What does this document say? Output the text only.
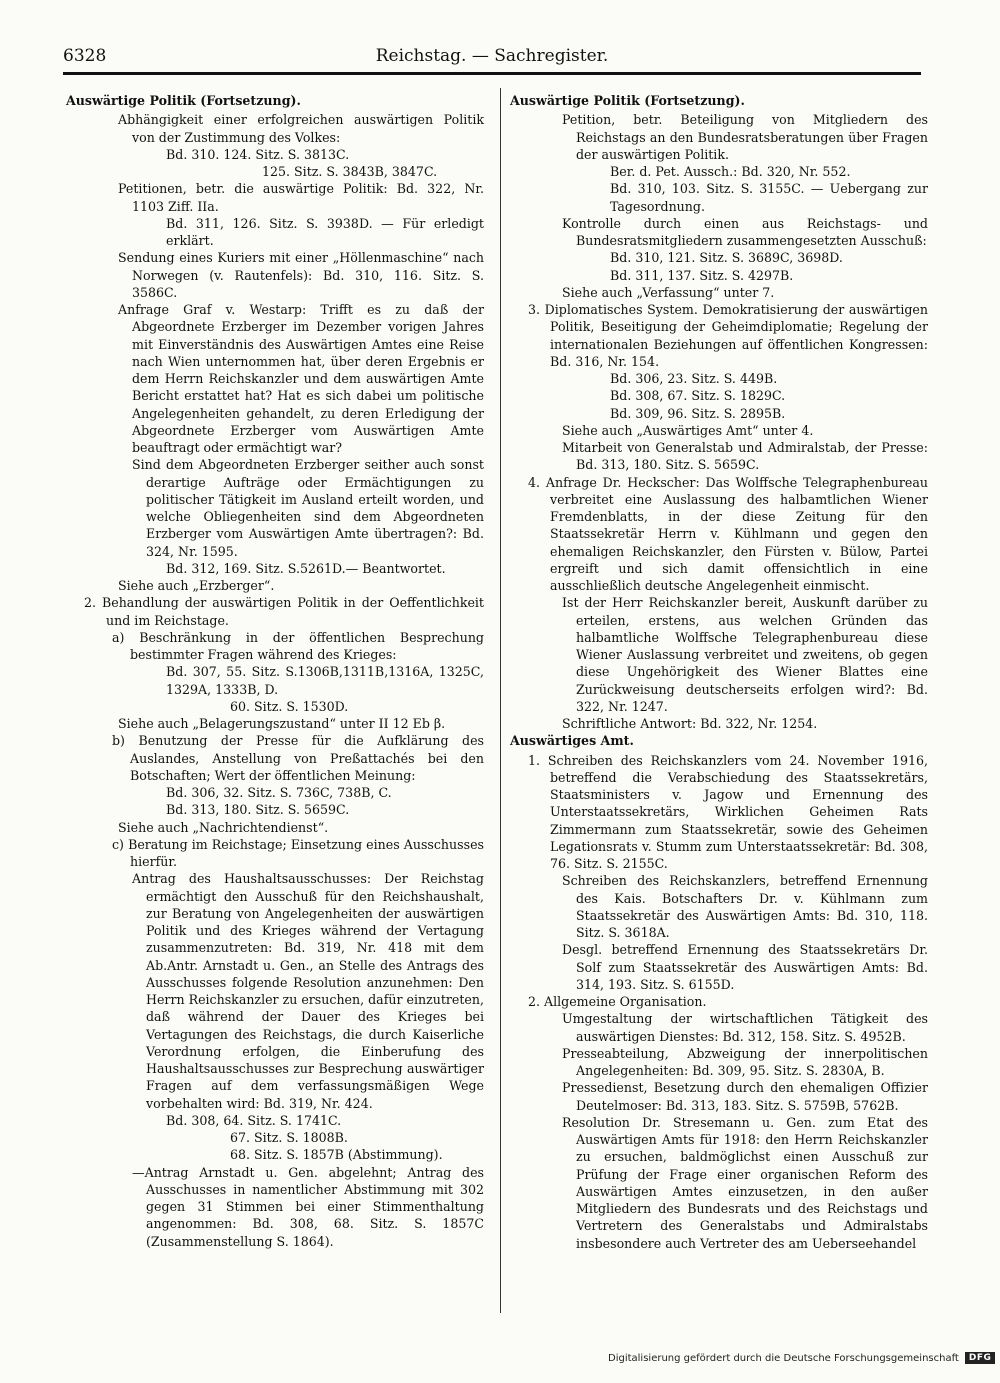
6328	Reichstag. — Sachregister.

Auswärtige Politik (Fortsetzung).

Abhängigkeit einer erfolgreichen auswärtigen Politik von der Zustimmung des Volkes:

Bd. 310. 124. Sitz. S. 3813C.

125. Sitz. S. 3843B, 3847C.

Petitionen, betr. die auswärtige Politik: Bd. 322, Nr. 1103 Ziff. IIa.

Bd. 311, 126. Sitz. S. 3938D. — Für erledigt erklärt.

Sendung eines Kuriers mit einer „Höllenmaschine“ nach Norwegen (v. Rautenfels): Bd. 310, 116. Sitz. S. 3586C.

Anfrage Graf v. Westarp: Trifft es zu daß der Abgeordnete Erzberger im Dezember vorigen Jahres mit Einverständnis des Auswärtigen Amtes eine Reise nach Wien unternommen hat, über deren Ergebnis er dem Herrn Reichskanzler und dem auswärtigen Amte Bericht erstattet hat? Hat es sich dabei um politische Angelegenheiten gehandelt, zu deren Erledigung der Abgeordnete Erzberger vom Auswärtigen Amte beauftragt oder ermächtigt war?

Sind dem Abgeordneten Erzberger seither auch sonst derartige Aufträge oder Ermächtigungen zu politischer Tätigkeit im Ausland erteilt worden, und welche Obliegenheiten sind dem Abgeordneten Erzberger vom Auswärtigen Amte übertragen?: Bd. 324, Nr. 1595.

Bd. 312, 169. Sitz. S.5261D.— Beantwortet.

Siehe auch „Erzberger“.

2. Behandlung der auswärtigen Politik in der Oeffentlichkeit und im Reichstage.

a) Beschränkung in der öffentlichen Besprechung bestimmter Fragen während des Krieges:

Bd. 307, 55. Sitz. S.1306B,1311B,1316A, 1325C, 1329A, 1333B, D.

60. Sitz. S. 1530D.

Siehe auch „Belagerungszustand“ unter II 12 Eb β.

b) Benutzung der Presse für die Aufklärung des Auslandes, Anstellung von Preßattachés bei den Botschaften; Wert der öffentlichen Meinung:

Bd. 306, 32. Sitz. S. 736C, 738B, C.

Bd. 313, 180. Sitz. S. 5659C.

Siehe auch „Nachrichtendienst“.

c) Beratung im Reichstage; Einsetzung eines Ausschusses hierfür.

Antrag des Haushaltsausschusses: Der Reichstag ermächtigt den Ausschuß für den Reichshaushalt, zur Beratung von Angelegenheiten der auswärtigen Politik und des Krieges während der Vertagung zusammenzutreten: Bd. 319, Nr. 418 mit dem Ab.Antr. Arnstadt u. Gen., an Stelle des Antrags des Ausschusses folgende Resolution anzunehmen: Den Herrn Reichskanzler zu ersuchen, dafür einzutreten, daß während der Dauer des Krieges bei Vertagungen des Reichstags, die durch Kaiserliche Verordnung erfolgen, die Einberufung des Haushaltsausschusses zur Besprechung auswärtiger Fragen auf dem verfassungsmäßigen Wege vorbehalten wird: Bd. 319, Nr. 424.

Bd. 308, 64. Sitz. S. 1741C.

67. Sitz. S. 1808B.

68. Sitz. S. 1857B (Abstimmung).

—Antrag Arnstadt u. Gen. abgelehnt; Antrag des Ausschusses in namentlicher Abstimmung mit 302 gegen 31 Stimmen bei einer Stimmenthaltung angenommen: Bd. 308, 68. Sitz. S. 1857C (Zusammenstellung S. 1864).

Auswärtige Politik (Fortsetzung).

Petition, betr. Beteiligung von Mitgliedern des Reichstags an den Bundesratsberatungen über Fragen der auswärtigen Politik.

Ber. d. Pet. Aussch.: Bd. 320, Nr. 552.

Bd. 310, 103. Sitz. S. 3155C. — Uebergang zur Tagesordnung.

Kontrolle durch einen aus Reichstags- und Bundesratsmitgliedern zusammengesetzten Ausschuß:

Bd. 310, 121. Sitz. S. 3689C, 3698D.

Bd. 311, 137. Sitz. S. 4297B.

Siehe auch „Verfassung“ unter 7.

3. Diplomatisches System. Demokratisierung der auswärtigen Politik, Beseitigung der Geheimdiplomatie; Regelung der internationalen Beziehungen auf öffentlichen Kongressen: Bd. 316, Nr. 154.

Bd. 306, 23. Sitz. S. 449B.

Bd. 308, 67. Sitz. S. 1829C.

Bd. 309, 96. Sitz. S. 2895B.

Siehe auch „Auswärtiges Amt“ unter 4.

Mitarbeit von Generalstab und Admiralstab, der Presse: Bd. 313, 180. Sitz. S. 5659C.

4. Anfrage Dr. Heckscher: Das Wolffsche Telegraphenbureau verbreitet eine Auslassung des halbamtlichen Wiener Fremdenblatts, in der diese Zeitung für den Staatssekretär Herrn v. Kühlmann und gegen den ehemaligen Reichskanzler, den Fürsten v. Bülow, Partei ergreift und sich damit offensichtlich in eine ausschließlich deutsche Angelegenheit einmischt.

Ist der Herr Reichskanzler bereit, Auskunft darüber zu erteilen, erstens, aus welchen Gründen das halbamtliche Wolffsche Telegraphenbureau diese Wiener Auslassung verbreitet und zweitens, ob gegen diese Ungehörigkeit des Wiener Blattes eine Zurückweisung deutscherseits erfolgen wird?: Bd. 322, Nr. 1247.

Schriftliche Antwort: Bd. 322, Nr. 1254.

Auswärtiges Amt.

1. Schreiben des Reichskanzlers vom 24. November 1916, betreffend die Verabschiedung des Staatssekretärs, Staatsministers v. Jagow und Ernennung des Unterstaatssekretärs, Wirklichen Geheimen Rats Zimmermann zum Staatssekretär, sowie des Geheimen Legationsrats v. Stumm zum Unterstaatssekretär: Bd. 308, 76. Sitz. S. 2155C.

Schreiben des Reichskanzlers, betreffend Ernennung des Kais. Botschafters Dr. v. Kühlmann zum Staatssekretär des Auswärtigen Amts: Bd. 310, 118. Sitz. S. 3618A.

Desgl. betreffend Ernennung des Staatssekretärs Dr. Solf zum Staatssekretär des Auswärtigen Amts: Bd. 314, 193. Sitz. S. 6155D.

2. Allgemeine Organisation.

Umgestaltung der wirtschaftlichen Tätigkeit des auswärtigen Dienstes: Bd. 312, 158. Sitz. S. 4952B.

Presseabteilung, Abzweigung der innerpolitischen Angelegenheiten: Bd. 309, 95. Sitz. S. 2830A, B.

Pressedienst, Besetzung durch den ehemaligen Offizier Deutelmoser: Bd. 313, 183. Sitz. S. 5759B, 5762B.

Resolution Dr. Stresemann u. Gen. zum Etat des Auswärtigen Amts für 1918: den Herrn Reichskanzler zu ersuchen, baldmöglichst einen Ausschuß zur Prüfung der Frage einer organischen Reform des Auswärtigen Amtes einzusetzen, in den außer Mitgliedern des Bundesrats und des Reichstags und Vertretern des Generalstabs und Admiralstabs insbesondere auch Vertreter des am Ueberseehandel

Digitalisierung gefördert durch die Deutsche Forschungsgemeinschaft	DFG
